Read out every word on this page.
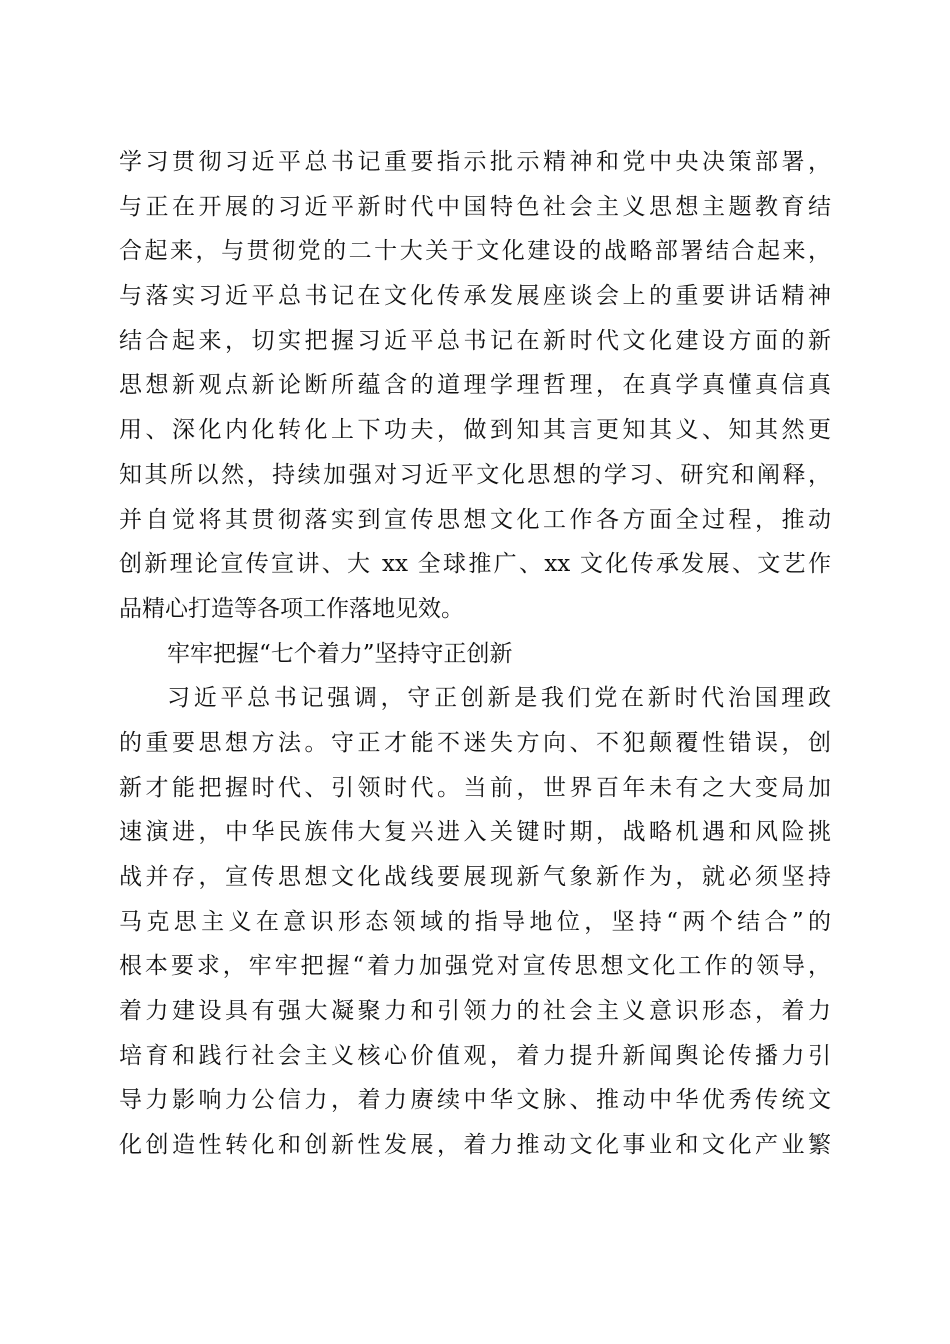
学习贯彻习近平总书记重要指示批示精神和党中央决策部署，
与正在开展的习近平新时代中国特色社会主义思想主题教育结
合起来，与贯彻党的二十大关于文化建设的战略部署结合起来，
与落实习近平总书记在文化传承发展座谈会上的重要讲话精神
结合起来，切实把握习近平总书记在新时代文化建设方面的新
思想新观点新论断所蕴含的道理学理哲理，在真学真懂真信真
用、深化内化转化上下功夫，做到知其言更知其义、知其然更
知其所以然，持续加强对习近平文化思想的学习、研究和阐释，
并自觉将其贯彻落实到宣传思想文化工作各方面全过程，推动
创新理论宣传宣讲、大 xx 全球推广、xx 文化传承发展、文艺作
品精心打造等各项工作落地见效。
牢牢把握“七个着力”坚持守正创新
习近平总书记强调，守正创新是我们党在新时代治国理政
的重要思想方法。守正才能不迷失方向、不犯颠覆性错误，创
新才能把握时代、引领时代。当前，世界百年未有之大变局加
速演进，中华民族伟大复兴进入关键时期，战略机遇和风险挑
战并存，宣传思想文化战线要展现新气象新作为，就必须坚持
马克思主义在意识形态领域的指导地位，坚持“两个结合”的
根本要求，牢牢把握“着力加强党对宣传思想文化工作的领导，
着力建设具有强大凝聚力和引领力的社会主义意识形态，着力
培育和践行社会主义核心价值观，着力提升新闻舆论传播力引
导力影响力公信力，着力赓续中华文脉、推动中华优秀传统文
化创造性转化和创新性发展，着力推动文化事业和文化产业繁
